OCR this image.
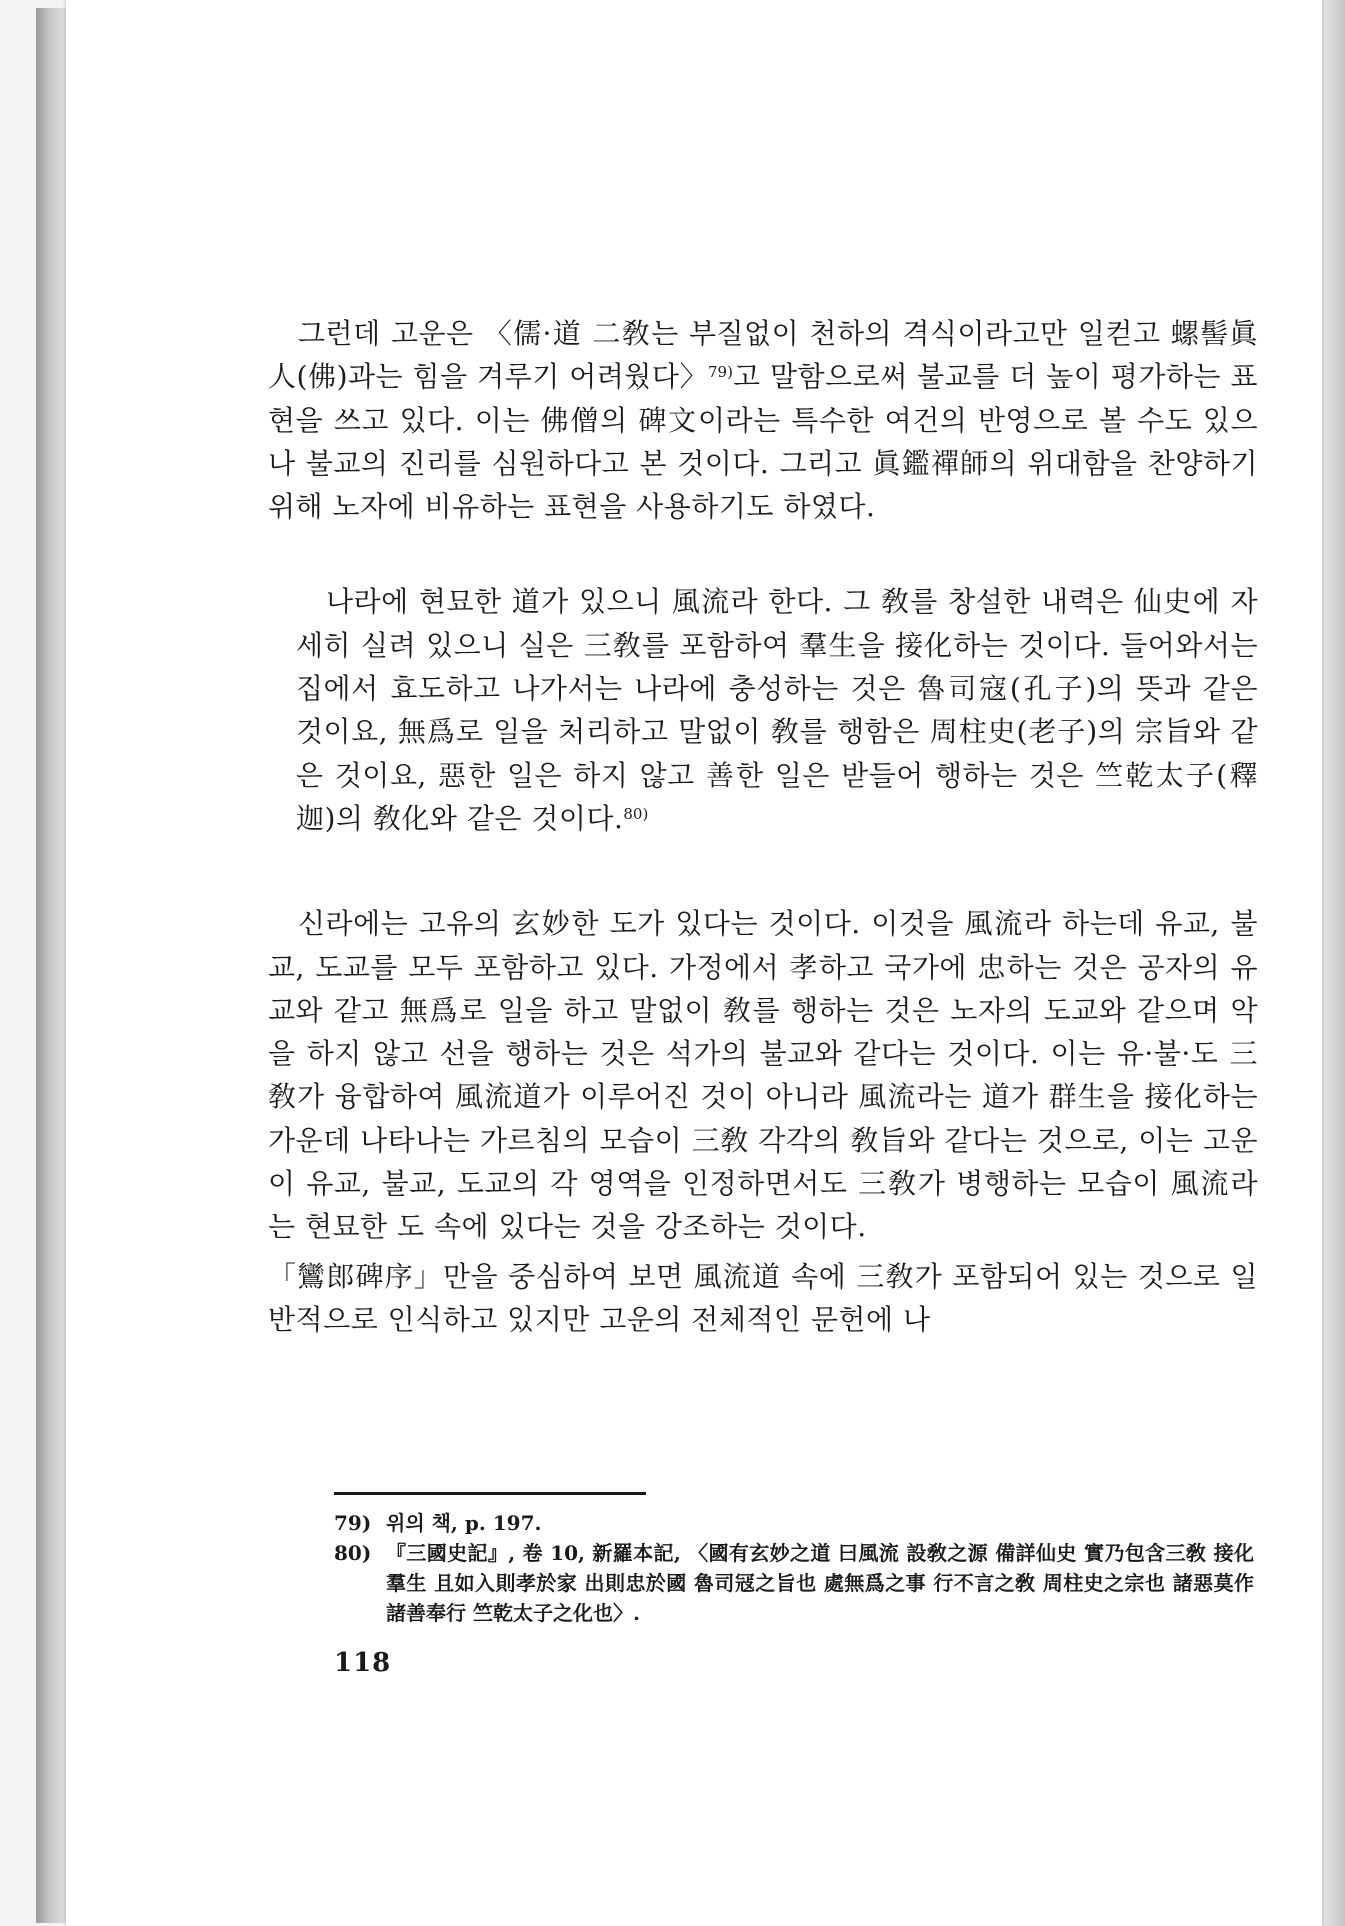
그런데 고운은 〈儒·道 二敎는 부질없이 천하의 격식이라고만 일컫고 螺髻眞人(佛)과는 힘을 겨루기 어려웠다〉$^{79)}$고 말함으로써 불교를 더 높이 평가하는 표현을 쓰고 있다. 이는 佛僧의 碑文이라는 특수한 여건의 반영으로 볼 수도 있으나 불교의 진리를 심원하다고 본 것이다. 그리고 眞鑑禪師의 위대함을 찬양하기 위해 노자에 비유하는 표현을 사용하기도 하였다.

나라에 현묘한 道가 있으니 風流라 한다. 그 敎를 창설한 내력은 仙史에 자세히 실려 있으니 실은 三敎를 포함하여 羣生을 接化하는 것이다. 들어와서는 집에서 효도하고 나가서는 나라에 충성하는 것은 魯司寇(孔子)의 뜻과 같은 것이요, 無爲로 일을 처리하고 말없이 敎를 행함은 周柱史(老子)의 宗旨와 같은 것이요, 惡한 일은 하지 않고 善한 일은 받들어 행하는 것은 竺乾太子(釋迦)의 敎化와 같은 것이다.$^{80)}$

신라에는 고유의 玄妙한 도가 있다는 것이다. 이것을 風流라 하는데 유교, 불교, 도교를 모두 포함하고 있다. 가정에서 孝하고 국가에 忠하는 것은 공자의 유교와 같고 無爲로 일을 하고 말없이 敎를 행하는 것은 노자의 도교와 같으며 악을 하지 않고 선을 행하는 것은 석가의 불교와 같다는 것이다. 이는 유·불·도 三敎가 융합하여 風流道가 이루어진 것이 아니라 風流라는 道가 群生을 接化하는 가운데 나타나는 가르침의 모습이 三敎 각각의 敎旨와 같다는 것으로, 이는 고운이 유교, 불교, 도교의 각 영역을 인정하면서도 三敎가 병행하는 모습이 風流라는 현묘한 도 속에 있다는 것을 강조하는 것이다.

「鸞郎碑序」만을 중심하여 보면 風流道 속에 三敎가 포함되어 있는 것으로 일반적으로 인식하고 있지만 고운의 전체적인 문헌에 나

79) 위의 책, p. 197.
80) 『三國史記』, 卷 10, 新羅本記, 〈國有玄妙之道 曰風流 設敎之源 備詳仙史 實乃包含三敎 接化羣生 且如入則孝於家 出則忠於國 魯司冦之旨也 處無爲之事 行不言之敎 周柱史之宗也 諸惡莫作 諸善奉行 竺乾太子之化也〉.
118
